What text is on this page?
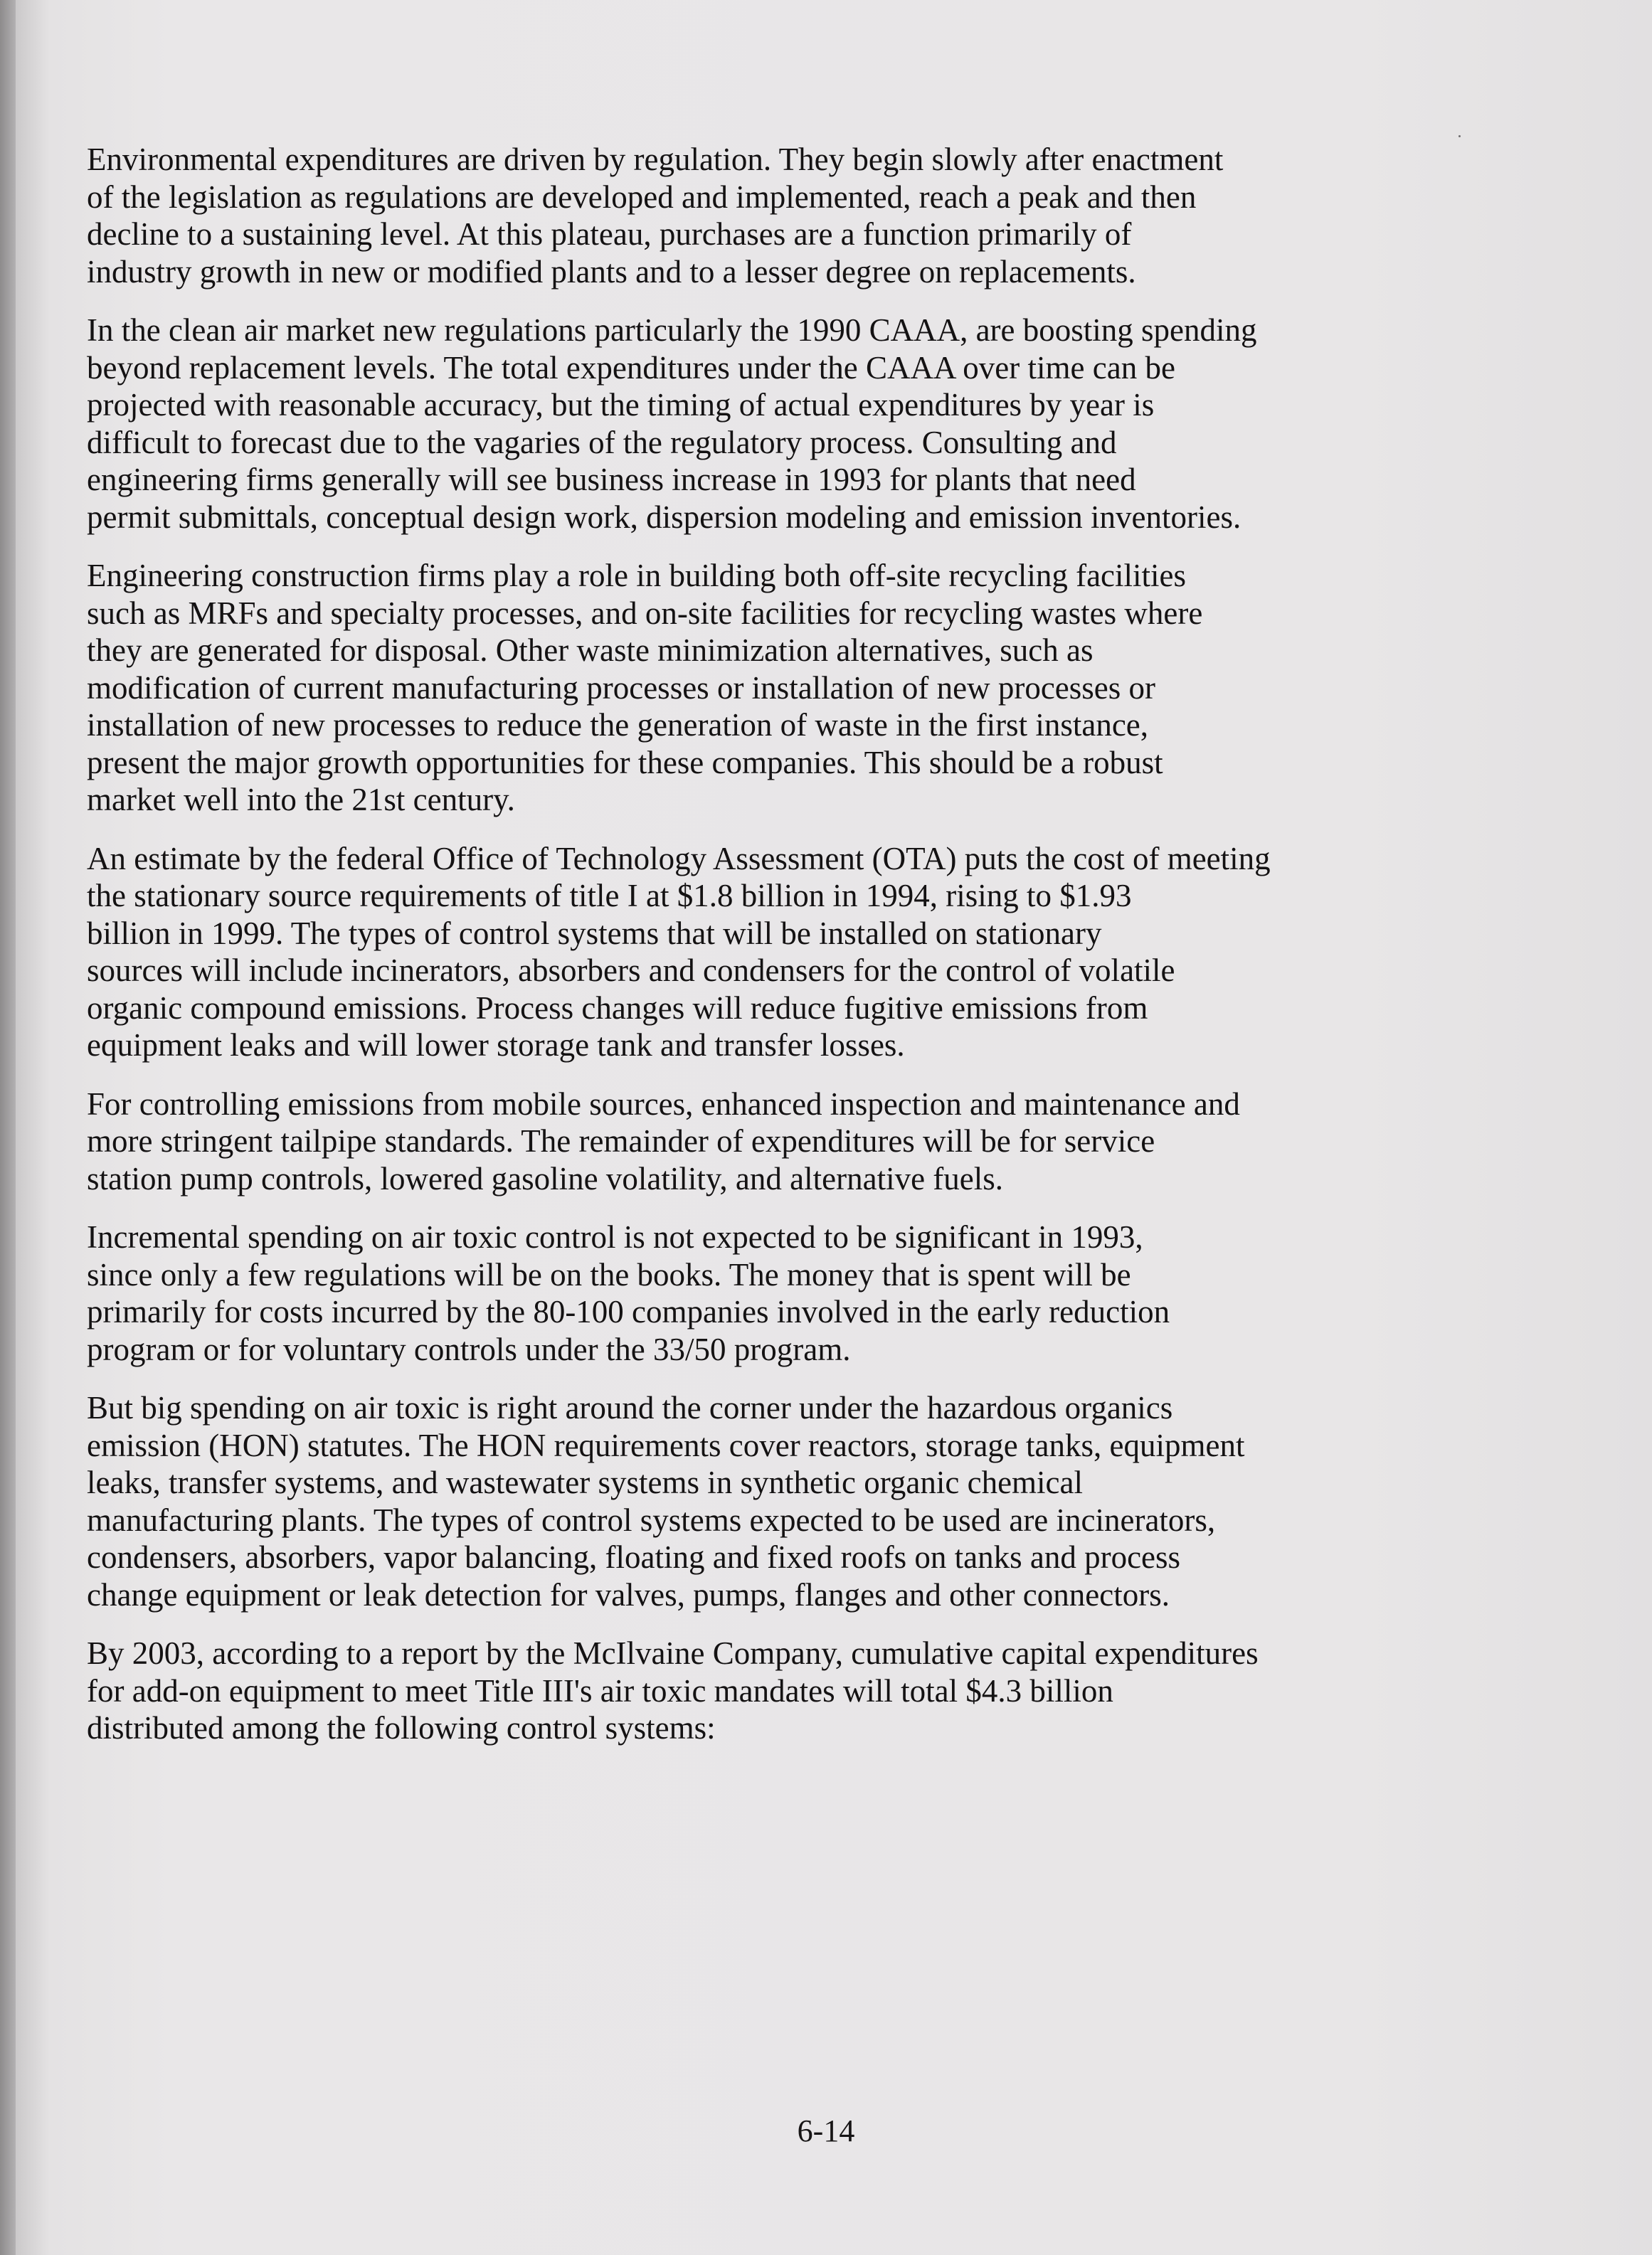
Environmental expenditures are driven by regulation. They begin slowly after enactment
of the legislation as regulations are developed and implemented, reach a peak and then
decline to a sustaining level. At this plateau, purchases are a function primarily of
industry growth in new or modified plants and to a lesser degree on replacements.

In the clean air market new regulations particularly the 1990 CAAA, are boosting spending
beyond replacement levels. The total expenditures under the CAAA over time can be
projected with reasonable accuracy, but the timing of actual expenditures by year is
difficult to forecast due to the vagaries of the regulatory process. Consulting and
engineering firms generally will see business increase in 1993 for plants that need
permit submittals, conceptual design work, dispersion modeling and emission inventories.

Engineering construction firms play a role in building both off-site recycling facilities
such as MRFs and specialty processes, and on-site facilities for recycling wastes where
they are generated for disposal. Other waste minimization alternatives, such as
modification of current manufacturing processes or installation of new processes or
installation of new processes to reduce the generation of waste in the first instance,
present the major growth opportunities for these companies. This should be a robust
market well into the 21st century.

An estimate by the federal Office of Technology Assessment (OTA) puts the cost of meeting
the stationary source requirements of title I at $1.8 billion in 1994, rising to $1.93
billion in 1999. The types of control systems that will be installed on stationary
sources will include incinerators, absorbers and condensers for the control of volatile
organic compound emissions. Process changes will reduce fugitive emissions from
equipment leaks and will lower storage tank and transfer losses.

For controlling emissions from mobile sources, enhanced inspection and maintenance and
more stringent tailpipe standards. The remainder of expenditures will be for service
station pump controls, lowered gasoline volatility, and alternative fuels.

Incremental spending on air toxic control is not expected to be significant in 1993,
since only a few regulations will be on the books. The money that is spent will be
primarily for costs incurred by the 80-100 companies involved in the early reduction
program or for voluntary controls under the 33/50 program.

But big spending on air toxic is right around the corner under the hazardous organics
emission (HON) statutes. The HON requirements cover reactors, storage tanks, equipment
leaks, transfer systems, and wastewater systems in synthetic organic chemical
manufacturing plants. The types of control systems expected to be used are incinerators,
condensers, absorbers, vapor balancing, floating and fixed roofs on tanks and process
change equipment or leak detection for valves, pumps, flanges and other connectors.

By 2003, according to a report by the McIlvaine Company, cumulative capital expenditures
for add-on equipment to meet Title III's air toxic mandates will total $4.3 billion
distributed among the following control systems:

6-14
